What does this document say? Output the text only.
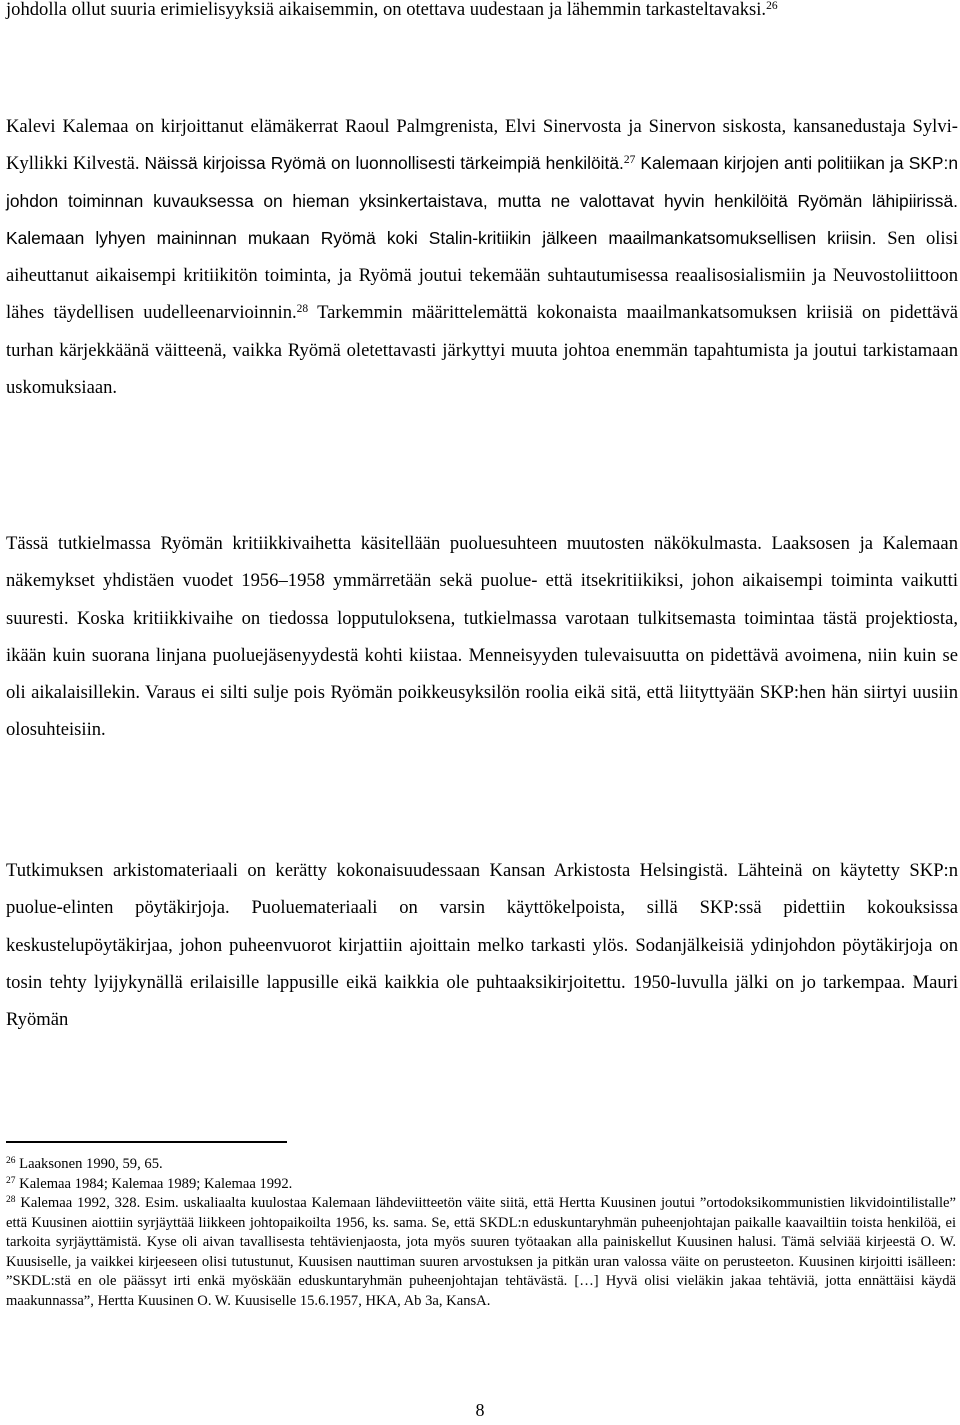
johdolla ollut suuria erimielisyyksiä aikaisemmin, on otettava uudestaan ja lähemmin tarkasteltavaksi.$^{26}$
Kalevi Kalemaa on kirjoittanut elämäkerrat Raoul Palmgrenista, Elvi Sinervosta ja Sinervon siskosta, kansanedustaja Sylvi-Kyllikki Kilvestä. Näissä kirjoissa Ryömä on luonnollisesti tärkeimpiä henkilöitä.$^{27}$ Kalemaan kirjojen anti politiikan ja SKP:n johdon toiminnan kuvauksessa on hieman yksinkertaistava, mutta ne valottavat hyvin henkilöitä Ryömän lähipiirissä. Kalemaan lyhyen maininnan mukaan Ryömä koki Stalin-kritiikin jälkeen maailmankatsomuksellisen kriisin. Sen olisi aiheuttanut aikaisempi kritiikitön toiminta, ja Ryömä joutui tekemään suhtautumisessa reaalisosialismiin ja Neuvostoliittoon lähes täydellisen uudelleenarvioinnin.$^{28}$ Tarkemmin määrittelemättä kokonaista maailmankatsomuksen kriisiä on pidettävä turhan kärjekkäänä väitteenä, vaikka Ryömä oletettavasti järkyttyi muuta johtoa enemmän tapahtumista ja joutui tarkistamaan uskomuksiaan.
Tässä tutkielmassa Ryömän kritiikkivaihetta käsitellään puoluesuhteen muutosten näkökulmasta. Laaksosen ja Kalemaan näkemykset yhdistäen vuodet 1956–1958 ymmärretään sekä puolue- että itsekritiikiksi, johon aikaisempi toiminta vaikutti suuresti. Koska kritiikkivaihe on tiedossa lopputuloksena, tutkielmassa varotaan tulkitsemasta toimintaa tästä projektiosta, ikään kuin suorana linjana puoluejäsenyydestä kohti kiistaa. Menneisyyden tulevaisuutta on pidettävä avoimena, niin kuin se oli aikalaisillekin. Varaus ei silti sulje pois Ryömän poikkeusyksilön roolia eikä sitä, että liityttyään SKP:hen hän siirtyi uusiin olosuhteisiin.
Tutkimuksen arkistomateriaali on kerätty kokonaisuudessaan Kansan Arkistosta Helsingistä. Lähteinä on käytetty SKP:n puolue-elinten pöytäkirjoja. Puoluemateriaali on varsin käyttökelpoista, sillä SKP:ssä pidettiin kokouksissa keskustelupöytäkirjaa, johon puheenvuorot kirjattiin ajoittain melko tarkasti ylös. Sodanjälkeisiä ydinjohdon pöytäkirjoja on tosin tehty lyijykynällä erilaisille lappusille eikä kaikkia ole puhtaaksikirjoitettu. 1950-luvulla jälki on jo tarkempaa. Mauri Ryömän

$^{26}$ Laaksonen 1990, 59, 65.

$^{27}$ Kalemaa 1984; Kalemaa 1989; Kalemaa 1992.

$^{28}$ Kalemaa 1992, 328. Esim. uskaliaalta kuulostaa Kalemaan lähdeviitteetön väite siitä, että Hertta Kuusinen joutui ”ortodoksikommunistien likvidointilistalle” että Kuusinen aiottiin syrjäyttää liikkeen johtopaikoilta 1956, ks. sama. Se, että SKDL:n eduskuntaryhmän puheenjohtajan paikalle kaavailtiin toista henkilöä, ei tarkoita syrjäyttämistä. Kyse oli aivan tavallisesta tehtävienjaosta, jota myös suuren työtaakan alla painiskellut Kuusinen halusi. Tämä selviää kirjeestä O. W. Kuusiselle, ja vaikkei kirjeeseen olisi tutustunut, Kuusisen nauttiman suuren arvostuksen ja pitkän uran valossa väite on perusteeton. Kuusinen kirjoitti isälleen: ”SKDL:stä en ole päässyt irti enkä myöskään eduskuntaryhmän puheenjohtajan tehtävästä. […] Hyvä olisi vieläkin jakaa tehtäviä, jotta ennättäisi käydä maakunnassa”, Hertta Kuusinen O. W. Kuusiselle 15.6.1957, HKA, Ab 3a, KansA.

8
